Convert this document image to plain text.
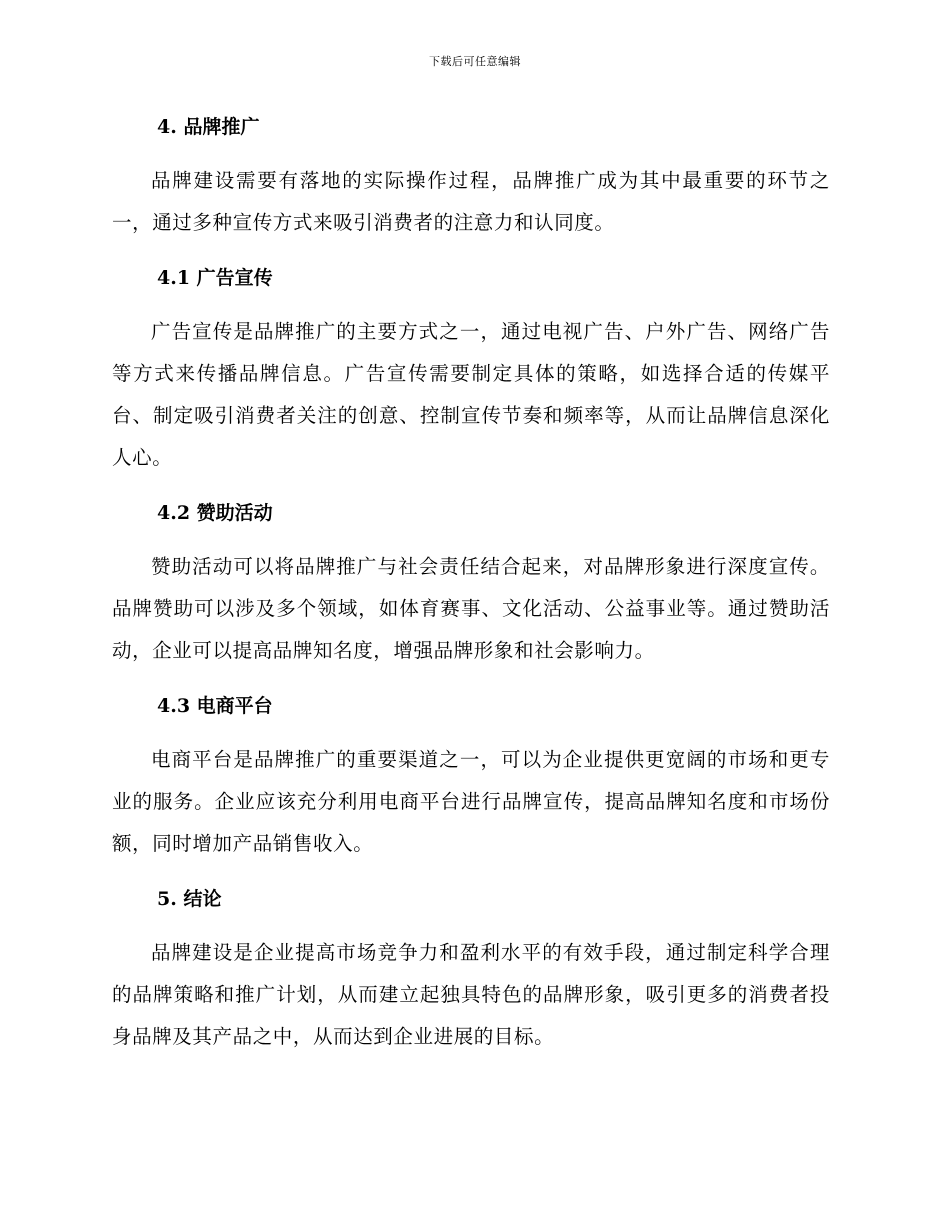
下载后可任意编辑
4. 品牌推广

品牌建设需要有落地的实际操作过程，品牌推广成为其中最重要的环节之一，通过多种宣传方式来吸引消费者的注意力和认同度。

4.1 广告宣传

广告宣传是品牌推广的主要方式之一，通过电视广告、户外广告、网络广告等方式来传播品牌信息。广告宣传需要制定具体的策略，如选择合适的传媒平台、制定吸引消费者关注的创意、控制宣传节奏和频率等，从而让品牌信息深化人心。

4.2 赞助活动

赞助活动可以将品牌推广与社会责任结合起来，对品牌形象进行深度宣传。品牌赞助可以涉及多个领域，如体育赛事、文化活动、公益事业等。通过赞助活动，企业可以提高品牌知名度，增强品牌形象和社会影响力。

4.3 电商平台

电商平台是品牌推广的重要渠道之一，可以为企业提供更宽阔的市场和更专业的服务。企业应该充分利用电商平台进行品牌宣传，提高品牌知名度和市场份额，同时增加产品销售收入。

5. 结论

品牌建设是企业提高市场竞争力和盈利水平的有效手段，通过制定科学合理的品牌策略和推广计划，从而建立起独具特色的品牌形象，吸引更多的消费者投身品牌及其产品之中，从而达到企业进展的目标。
